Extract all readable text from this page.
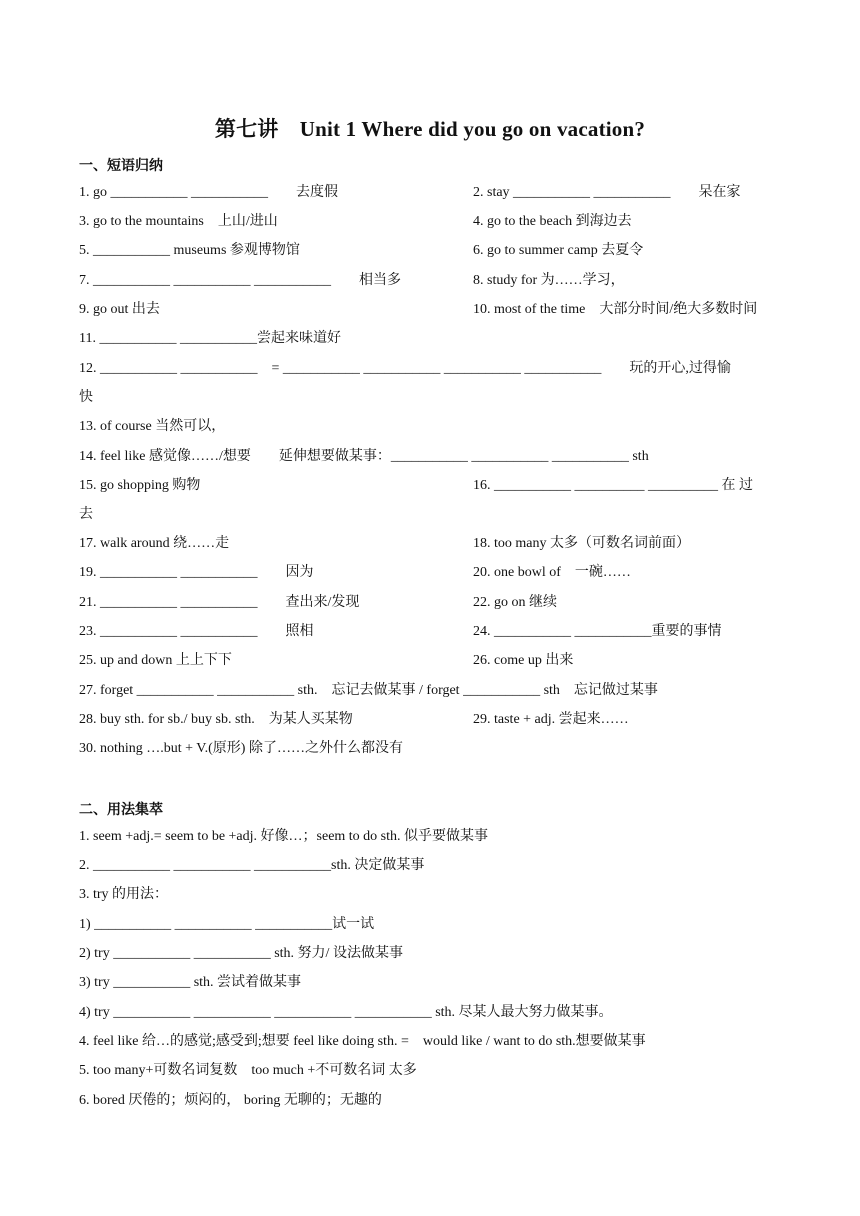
第七讲　Unit 1 Where did you go on vacation?
一、短语归纳
1. go ___________ ___________　　去度假	2. stay ___________ ___________　　呆在家
3. go to the mountains　上山/进山	4. go to the beach 到海边去
5. ___________ museums 参观博物馆	6. go to summer camp 去夏令
7. ___________ ___________ ___________　　相当多	8. study for 为……学习，
9. go out 出去	10. most of the time　大部分时间/绝大多数时间
11. ___________ ___________尝起来味道好
12. ___________ ___________　= ___________ ___________ ___________ ___________　　玩的开心,过得愉
快
13. of course 当然可以，
14. feel like 感觉像……/想要　　延伸想要做某事：___________ ___________ ___________ sth
15. go shopping 购物	16. ___________ __________ __________ 在 过
去
17. walk around 绕……走	18. too many 太多（可数名词前面）
19. ___________ ___________　　因为	20. one bowl of　一碗……
21. ___________ ___________　　查出来/发现	22. go on 继续
23. ___________ ___________　　照相	24. ___________ ___________重要的事情
25. up and down 上上下下	26. come up 出来
27. forget ___________ ___________ sth.　忘记去做某事 / forget ___________ sth　忘记做过某事
28. buy sth. for sb./ buy sb. sth.　为某人买某物	29. taste + adj. 尝起来……
30. nothing ….but + V.(原形) 除了……之外什么都没有
二、用法集萃
1. seem +adj.= seem to be +adj. 好像…；seem to do sth. 似乎要做某事
2. ___________ ___________ ___________sth. 决定做某事
3. try 的用法：
1) ___________ ___________ ___________试一试
2) try ___________ ___________ sth. 努力/ 设法做某事
3) try ___________ sth. 尝试着做某事
4) try ___________ ___________ ___________ ___________ sth. 尽某人最大努力做某事。
4. feel like 给…的感觉;感受到;想要 feel like doing sth. =　would like / want to do sth.想要做某事
5. too many+可数名词复数　too much +不可数名词 太多
6. bored 厌倦的；烦闷的， boring 无聊的；无趣的
